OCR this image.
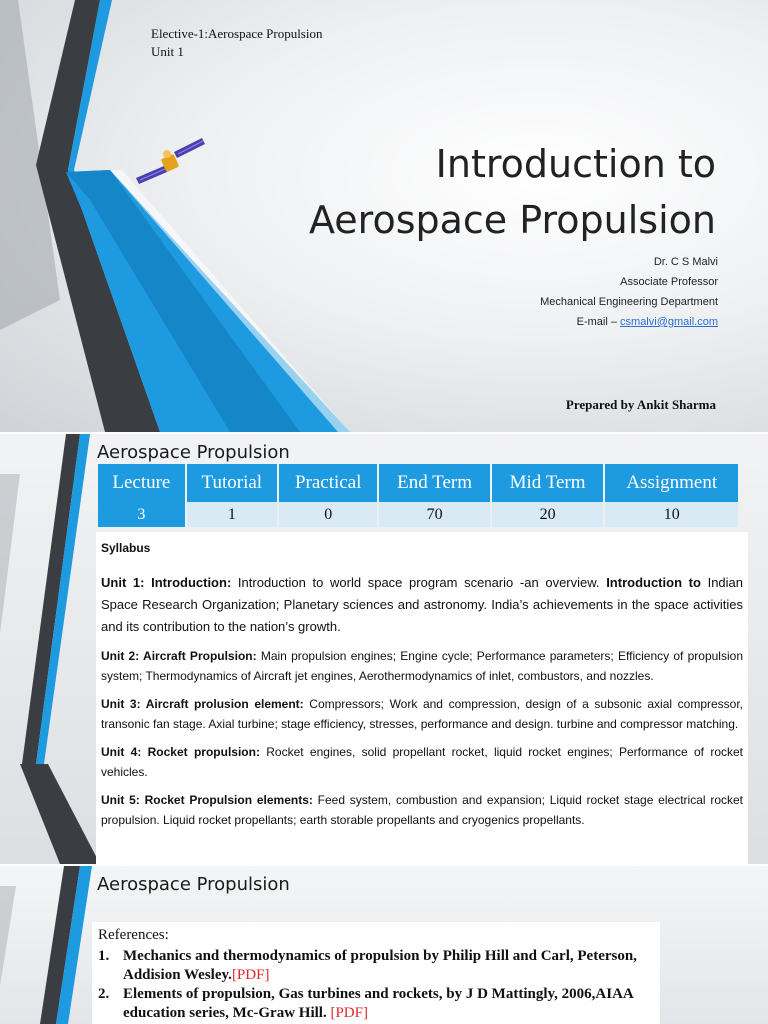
Elective-1:Aerospace Propulsion
Unit 1
Introduction to
Aerospace Propulsion
Dr. C S Malvi
Associate Professor
Mechanical Engineering Department
E-mail – csmalvi@gmail.com
Prepared by Ankit Sharma
Aerospace Propulsion
Lecture	Tutorial	Practical	End Term	Mid Term	Assignment
3	1	0	70	20	10
Syllabus

Unit 1: Introduction: Introduction to world space program scenario -an overview. Introduction to Indian Space Research Organization; Planetary sciences and astronomy. India’s achievements in the space activities and its contribution to the nation’s growth.

Unit 2: Aircraft Propulsion: Main propulsion engines; Engine cycle; Performance parameters; Efficiency of propulsion system; Thermodynamics of Aircraft jet engines, Aerothermodynamics of inlet, combustors, and nozzles.

Unit 3: Aircraft prolusion element: Compressors; Work and compression, design of a subsonic axial compressor, transonic fan stage. Axial turbine; stage efficiency, stresses, performance and design. turbine and compressor matching.

Unit 4: Rocket propulsion: Rocket engines, solid propellant rocket, liquid rocket engines; Performance of rocket vehicles.

Unit 5: Rocket Propulsion elements: Feed system, combustion and expansion; Liquid rocket stage electrical rocket propulsion. Liquid rocket propellants; earth storable propellants and cryogenics propellants.

Aerospace Propulsion
References:
1. Mechanics and thermodynamics of propulsion by Philip Hill and Carl, Peterson, Addision Wesley.[PDF]
2. Elements of propulsion, Gas turbines and rockets, by J D Mattingly, 2006,AIAA education series, Mc-Graw Hill. [PDF]
